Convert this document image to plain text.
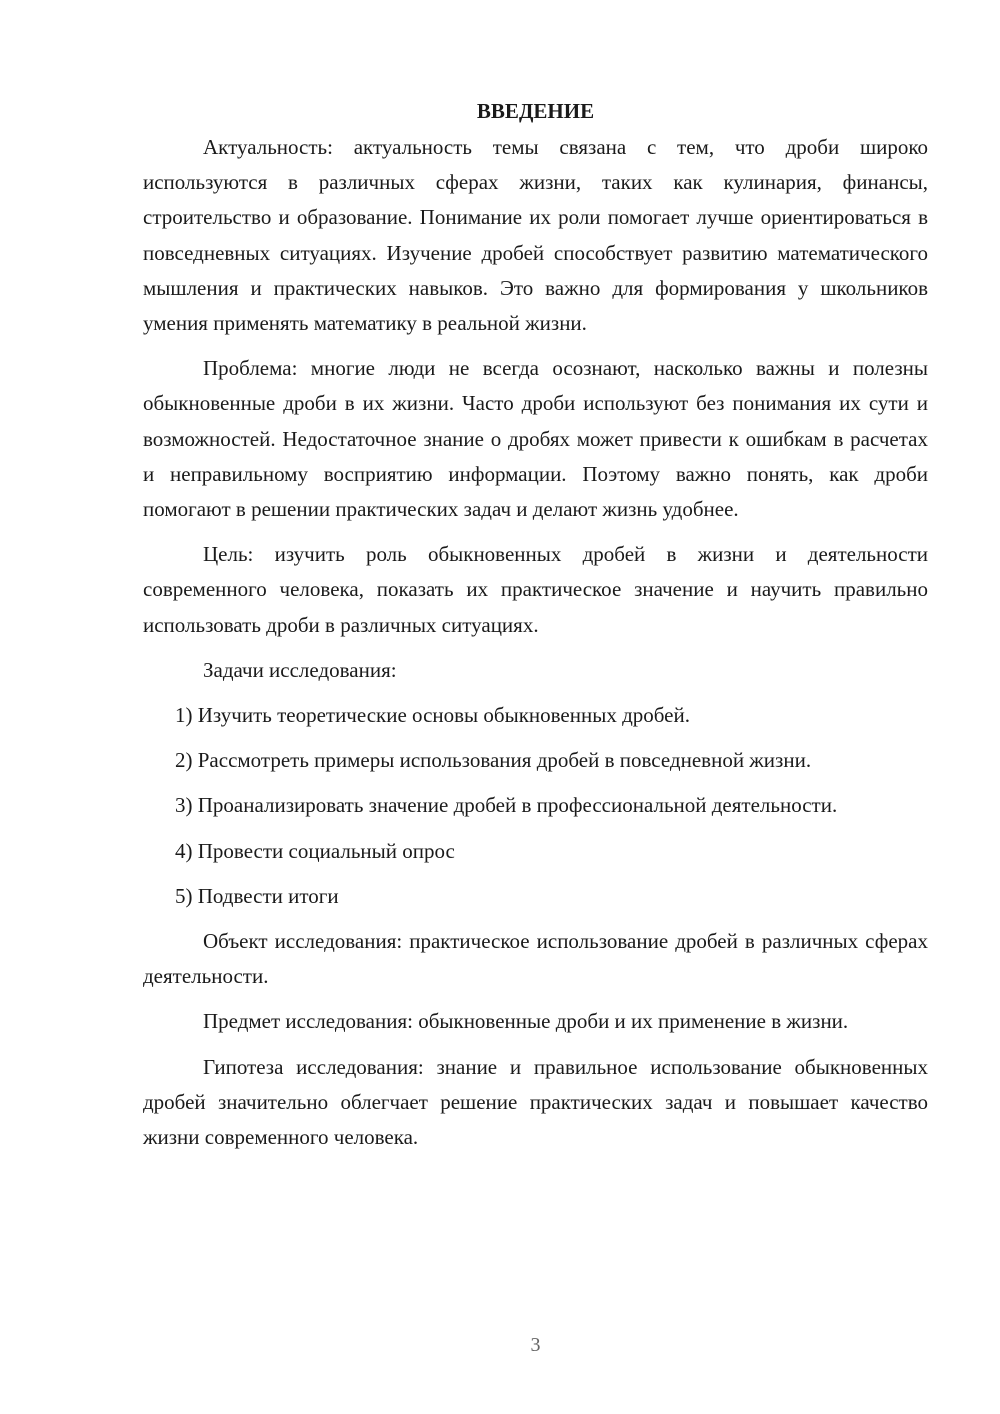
ВВЕДЕНИЕ

Актуальность: актуальность темы связана с тем, что дроби широко используются в различных сферах жизни, таких как кулинария, финансы, строительство и образование. Понимание их роли помогает лучше ориентироваться в повседневных ситуациях. Изучение дробей способствует развитию математического мышления и практических навыков. Это важно для формирования у школьников умения применять математику в реальной жизни.

Проблема: многие люди не всегда осознают, насколько важны и полезны обыкновенные дроби в их жизни. Часто дроби используют без понимания их сути и возможностей. Недостаточное знание о дробях может привести к ошибкам в расчетах и неправильному восприятию информации. Поэтому важно понять, как дроби помогают в решении практических задач и делают жизнь удобнее.

Цель: изучить роль обыкновенных дробей в жизни и деятельности современного человека, показать их практическое значение и научить правильно использовать дроби в различных ситуациях.

Задачи исследования:

1) Изучить теоретические основы обыкновенных дробей.

2) Рассмотреть примеры использования дробей в повседневной жизни.

3) Проанализировать значение дробей в профессиональной деятельности.

4) Провести социальный опрос

5) Подвести итоги

Объект исследования: практическое использование дробей в различных сферах деятельности.

Предмет исследования: обыкновенные дроби и их применение в жизни.

Гипотеза исследования: знание и правильное использование обыкновенных дробей значительно облегчает решение практических задач и повышает качество жизни современного человека.

3
